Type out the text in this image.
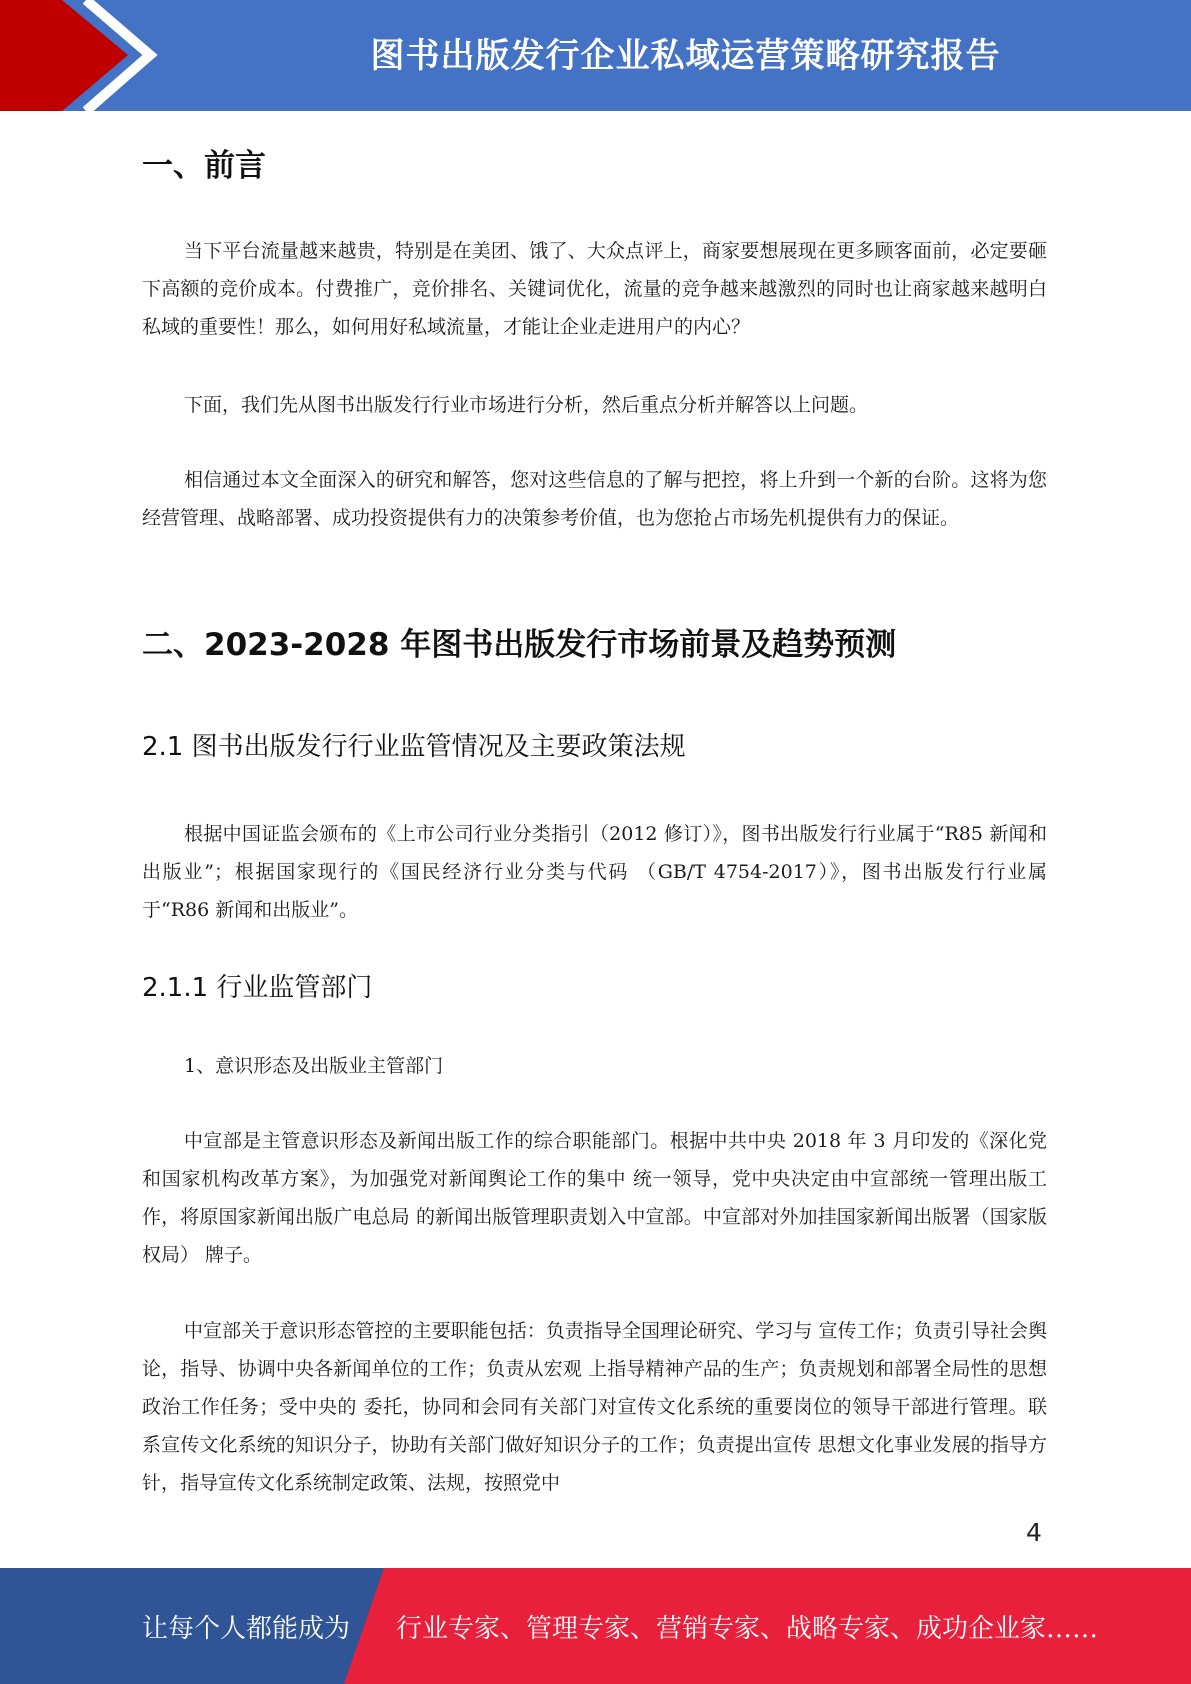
图书出版发行企业私域运营策略研究报告
一、前言
当下平台流量越来越贵，特别是在美团、饿了、大众点评上，商家要想展现在更多顾客面前，必定要砸下高额的竞价成本。付费推广，竞价排名、关键词优化，流量的竞争越来越激烈的同时也让商家越来越明白私域的重要性！那么，如何用好私域流量，才能让企业走进用户的内心？
下面，我们先从图书出版发行行业市场进行分析，然后重点分析并解答以上问题。
相信通过本文全面深入的研究和解答，您对这些信息的了解与把控，将上升到一个新的台阶。这将为您经营管理、战略部署、成功投资提供有力的决策参考价值，也为您抢占市场先机提供有力的保证。
二、2023-2028 年图书出版发行市场前景及趋势预测
2.1 图书出版发行行业监管情况及主要政策法规
根据中国证监会颁布的《上市公司行业分类指引（2012 修订）》，图书出版发行行业属于“R85 新闻和出版业”；根据国家现行的《国民经济行业分类与代码 （GB/T 4754-2017）》，图书出版发行行业属于“R86 新闻和出版业”。
2.1.1 行业监管部门
1、意识形态及出版业主管部门
中宣部是主管意识形态及新闻出版工作的综合职能部门。根据中共中央 2018 年 3 月印发的《深化党和国家机构改革方案》，为加强党对新闻舆论工作的集中 统一领导，党中央决定由中宣部统一管理出版工作，将原国家新闻出版广电总局 的新闻出版管理职责划入中宣部。中宣部对外加挂国家新闻出版署（国家版权局） 牌子。
中宣部关于意识形态管控的主要职能包括：负责指导全国理论研究、学习与 宣传工作；负责引导社会舆论，指导、协调中央各新闻单位的工作；负责从宏观 上指导精神产品的生产；负责规划和部署全局性的思想政治工作任务；受中央的 委托，协同和会同有关部门对宣传文化系统的重要岗位的领导干部进行管理。联 系宣传文化系统的知识分子，协助有关部门做好知识分子的工作；负责提出宣传 思想文化事业发展的指导方针，指导宣传文化系统制定政策、法规，按照党中
4
让每个人都能成为 行业专家、管理专家、营销专家、战略专家、成功企业家……
